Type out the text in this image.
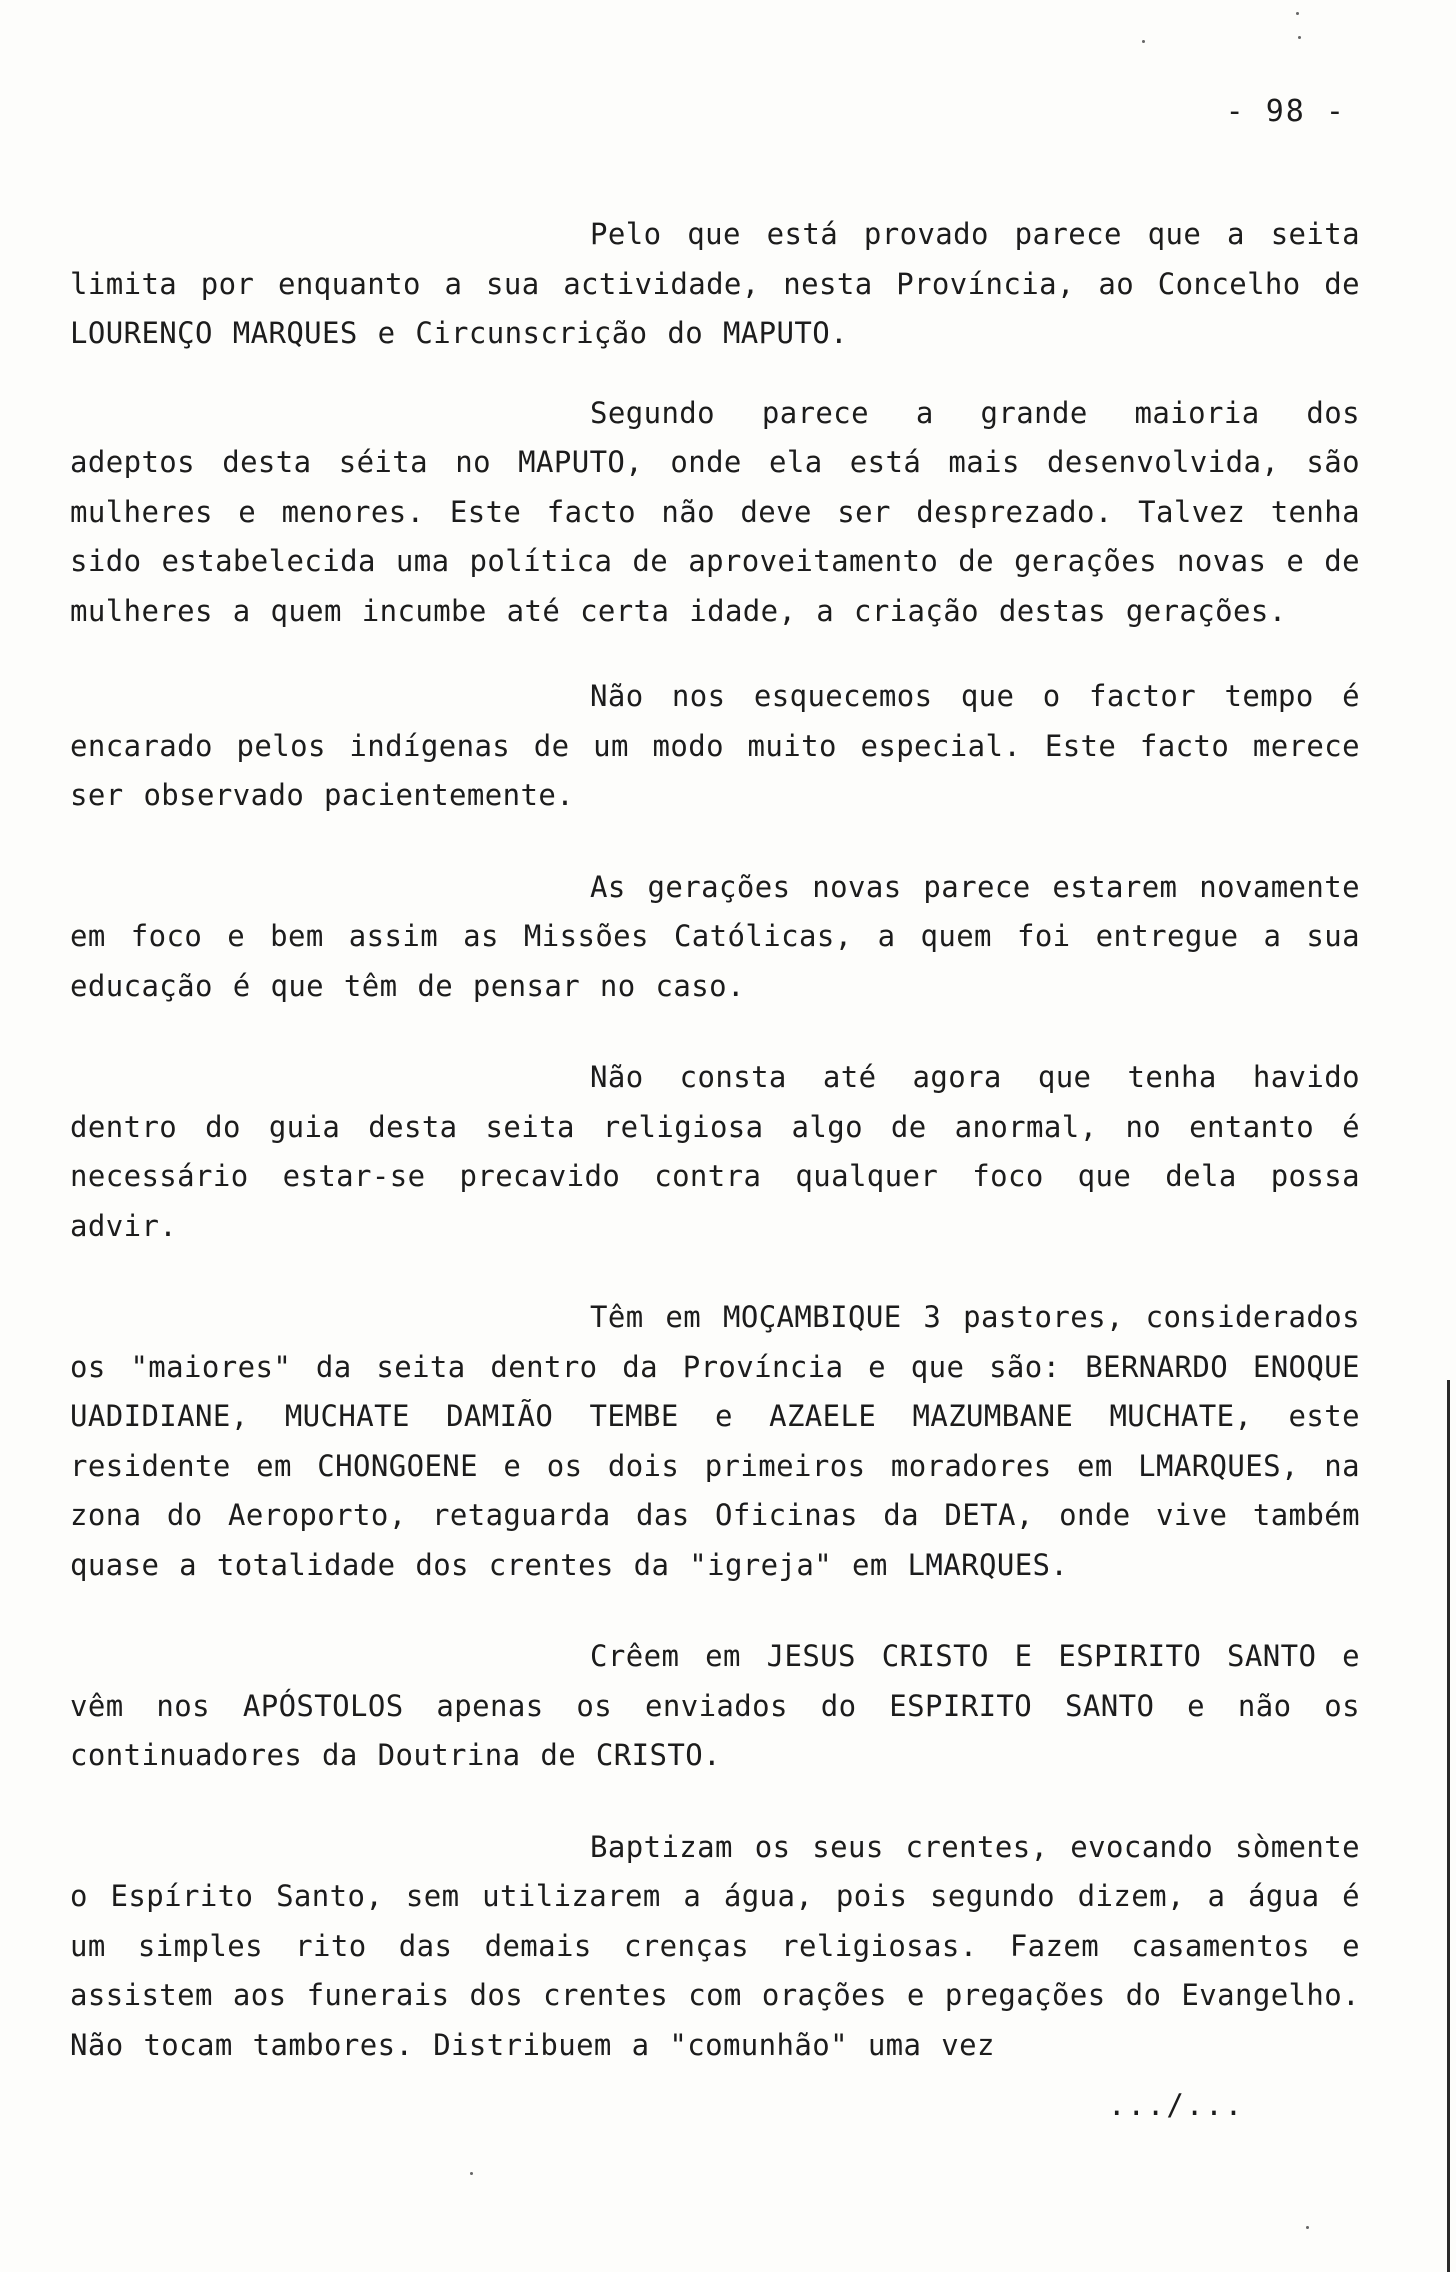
- 98 -

Pelo que está provado parece que a seita limita por enquanto a sua actividade, nesta Província, ao Concelho de LOURENÇO MARQUES e Circunscrição do MAPUTO.

Segundo parece a grande maioria dos adeptos desta séita no MAPUTO, onde ela está mais desenvolvida, são mulheres e menores. Este facto não deve ser desprezado. Talvez tenha sido estabelecida uma política de aproveitamento de gerações novas e de mulheres a quem incumbe até certa idade, a criação destas gerações.

Não nos esquecemos que o factor tempo é encarado pelos indígenas de um modo muito especial. Este facto merece ser observado pacientemente.

As gerações novas parece estarem novamente em foco e bem assim as Missões Católicas, a quem foi entregue a sua educação é que têm de pensar no caso.

Não consta até agora que tenha havido dentro do guia desta seita religiosa algo de anormal, no entanto é necessário estar-se precavido contra qualquer foco que dela possa advir.

Têm em MOÇAMBIQUE 3 pastores, considerados os "maiores" da seita dentro da Província e que são: BERNARDO ENOQUE UADIDIANE, MUCHATE DAMIÃO TEMBE e AZAELE MAZUMBANE MUCHATE, este residente em CHONGOENE e os dois primeiros moradores em LMARQUES, na zona do Aeroporto, retaguarda das Oficinas da DETA, onde vive também quase a totalidade dos crentes da "igreja" em LMARQUES.

Crêem em JESUS CRISTO E ESPIRITO SANTO e vêm nos APÓSTOLOS apenas os enviados do ESPIRITO SANTO e não os continuadores da Doutrina de CRISTO.

Baptizam os seus crentes, evocando sòmente o Espírito Santo, sem utilizarem a água, pois segundo dizem, a água é um simples rito das demais crenças religiosas. Fazem casamentos e assistem aos funerais dos crentes com orações e pregações do Evangelho. Não tocam tambores. Distribuem a "comunhão" uma vez

.../...
